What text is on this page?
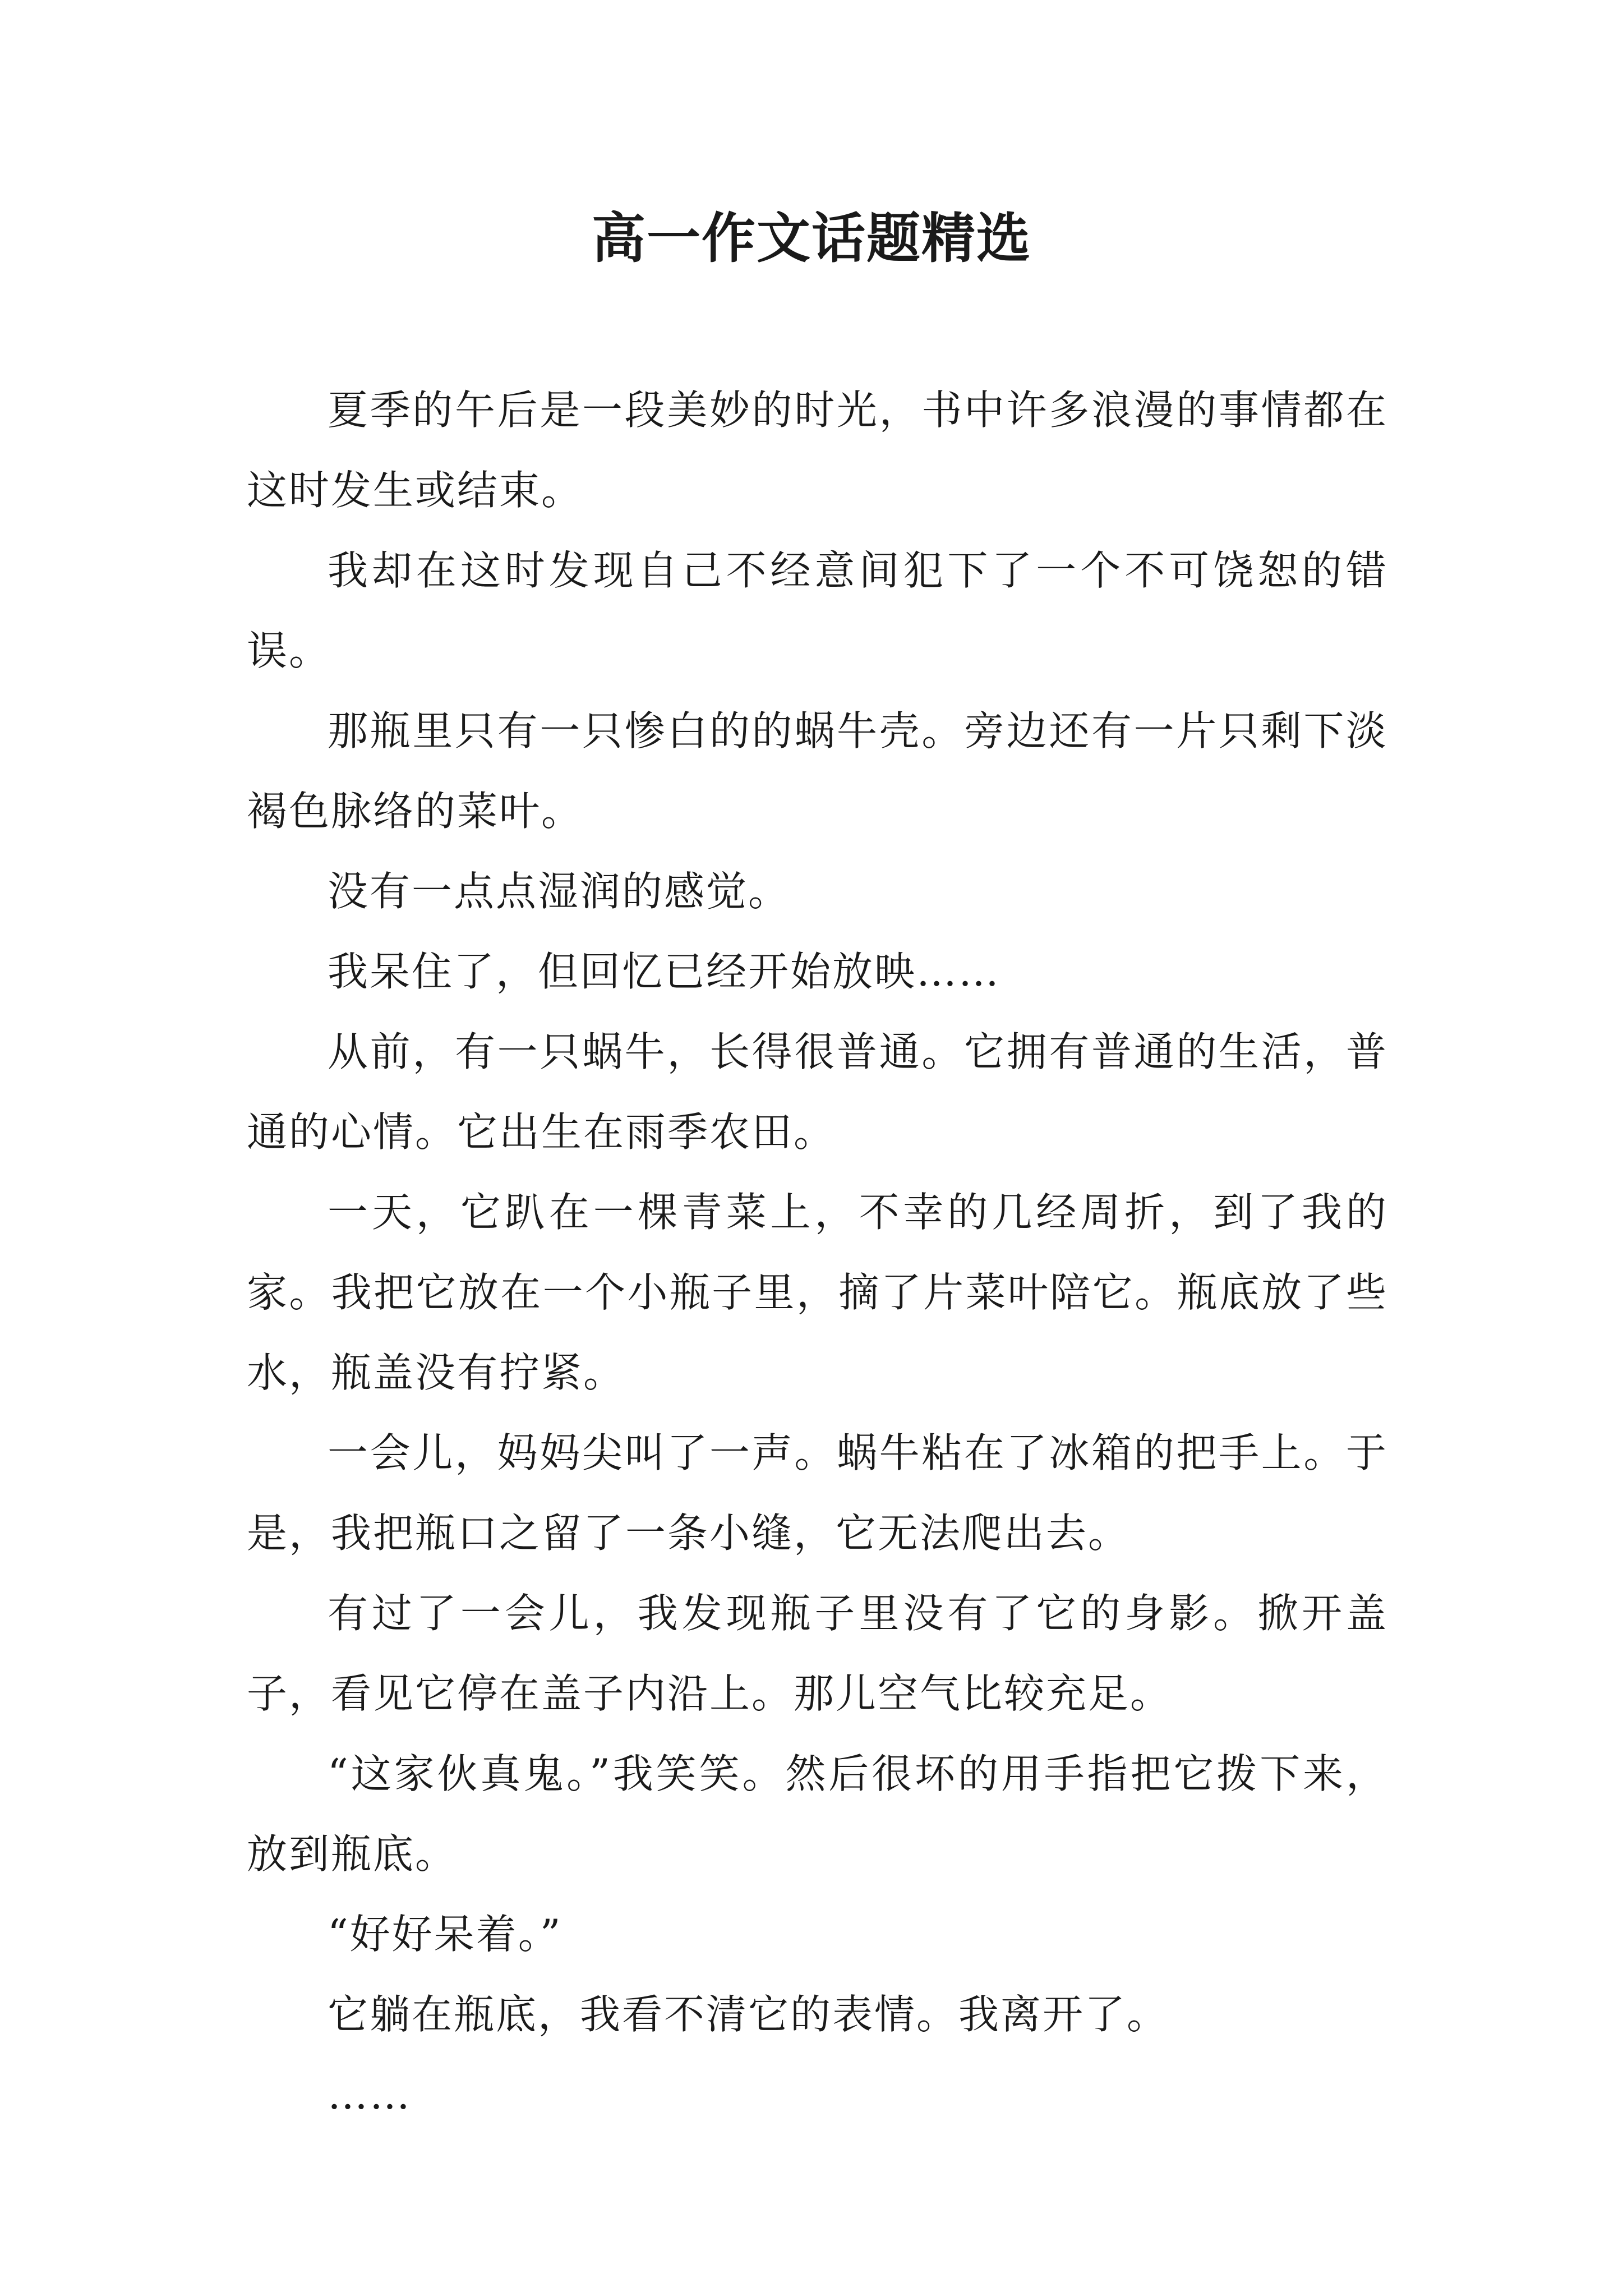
高一作文话题精选

夏季的午后是一段美妙的时光，书中许多浪漫的事情都在这时发生或结束。

我却在这时发现自己不经意间犯下了一个不可饶恕的错误。

那瓶里只有一只惨白的的蜗牛壳。旁边还有一片只剩下淡褐色脉络的菜叶。

没有一点点湿润的感觉。

我呆住了，但回忆已经开始放映……

从前，有一只蜗牛，长得很普通。它拥有普通的生活，普通的心情。它出生在雨季农田。

一天，它趴在一棵青菜上，不幸的几经周折，到了我的家。我把它放在一个小瓶子里，摘了片菜叶陪它。瓶底放了些水，瓶盖没有拧紧。

一会儿，妈妈尖叫了一声。蜗牛粘在了冰箱的把手上。于是，我把瓶口之留了一条小缝，它无法爬出去。

有过了一会儿，我发现瓶子里没有了它的身影。掀开盖子，看见它停在盖子内沿上。那儿空气比较充足。

“这家伙真鬼。”我笑笑。然后很坏的用手指把它拨下来，放到瓶底。

“好好呆着。”

它躺在瓶底，我看不清它的表情。我离开了。

……
